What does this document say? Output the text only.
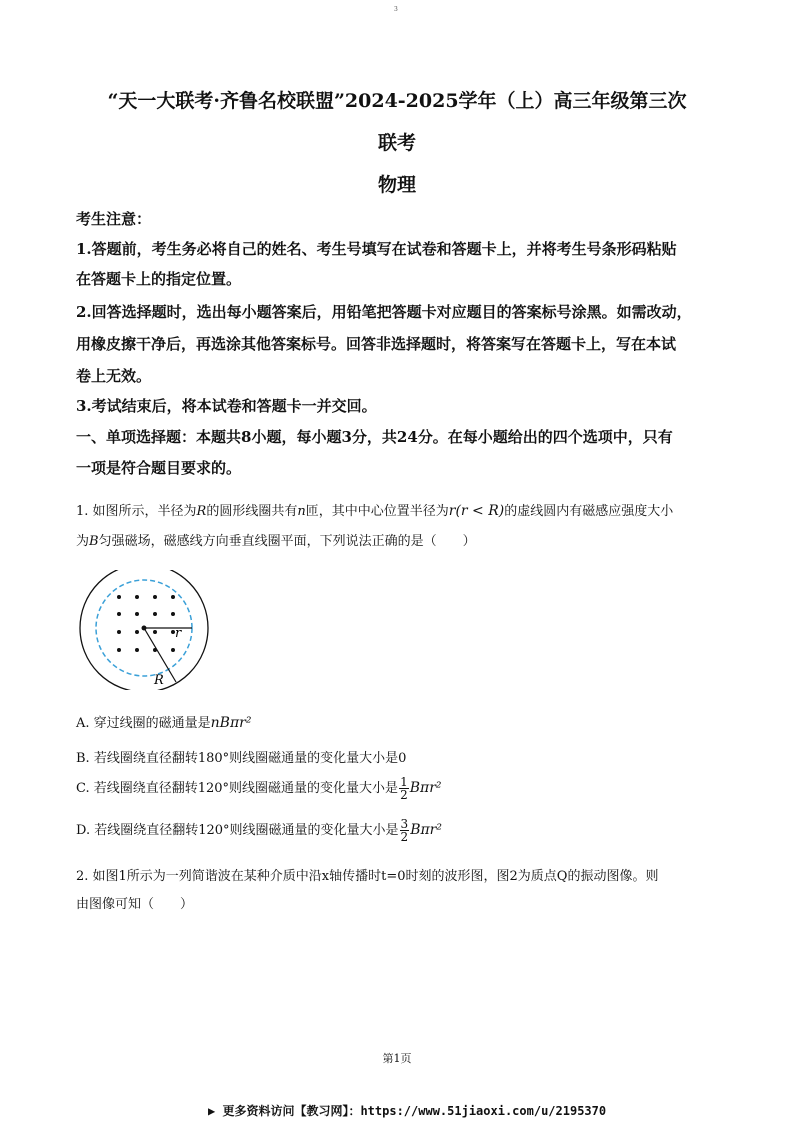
3
“天一大联考·齐鲁名校联盟”2024-2025学年（上）高三年级第三次
联考
物理
考生注意：
1.答题前，考生务必将自己的姓名、考生号填写在试卷和答题卡上，并将考生号条形码粘贴
在答题卡上的指定位置。
2.回答选择题时，选出每小题答案后，用铅笔把答题卡对应题目的答案标号涂黑。如需改动，
用橡皮擦干净后，再选涂其他答案标号。回答非选择题时，将答案写在答题卡上，写在本试
卷上无效。
3.考试结束后，将本试卷和答题卡一并交回。
一、单项选择题：本题共8小题，每小题3分，共24分。在每小题给出的四个选项中，只有
一项是符合题目要求的。
1. 如图所示，半径为R的圆形线圈共有n匝，其中中心位置半径为r(r < R)的虚线圆内有磁感应强度大小
为B匀强磁场，磁感线方向垂直线圈平面，下列说法正确的是（　　）
r
R
A. 穿过线圈的磁通量是nBπr²
B. 若线圈绕直径翻转180°则线圈磁通量的变化量大小是0
C. 若线圈绕直径翻转120°则线圈磁通量的变化量大小是 $\frac{1}{2} B\pi r^2$
D. 若线圈绕直径翻转120°则线圈磁通量的变化量大小是 $\frac{3}{2} B\pi r^2$
2. 如图1所示为一列简谐波在某种介质中沿x轴传播时t=0时刻的波形图，图2为质点Q的振动图像。则
由图像可知（　　）
第1页
▶ 更多资料访问【教习网】：https://www.51jiaoxi.com/u/2195370
